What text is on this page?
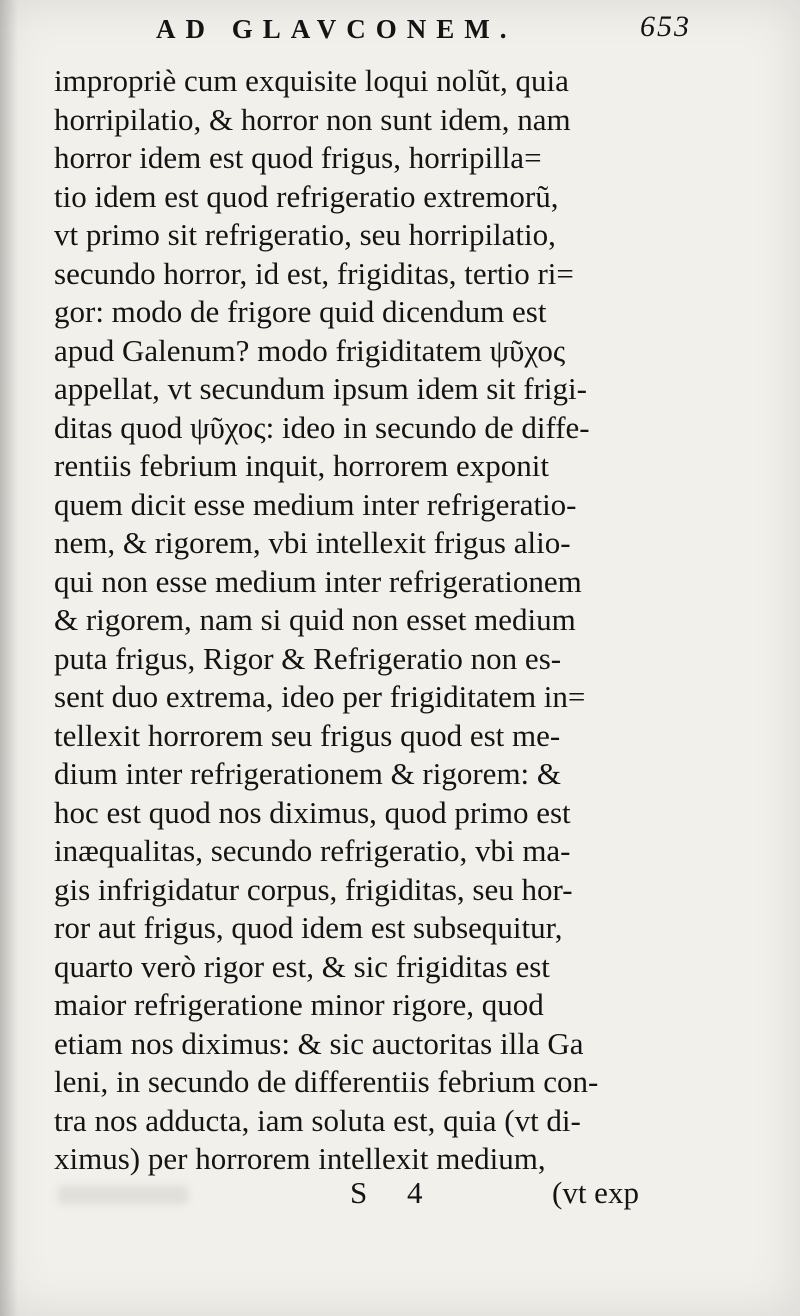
AD GLAVCONEM.	653
impropriè cum exquisite loqui nolũt, quia
horripilatio, & horror non sunt idem, nam
horror idem est quod frigus, horripilla=
tio idem est quod refrigeratio extremorũ,
vt primo sit refrigeratio, seu horripilatio,
secundo horror, id est, frigiditas, tertio ri=
gor: modo de frigore quid dicendum est
apud Galenum? modo frigiditatem ψῦχος
appellat, vt secundum ipsum idem sit frigi-
ditas quod ψῦχος: ideo in secundo de diffe-
rentiis febrium inquit, horrorem exponit
quem dicit esse medium inter refrigeratio-
nem, & rigorem, vbi intellexit frigus alio-
qui non esse medium inter refrigerationem
& rigorem, nam si quid non esset medium
puta frigus, Rigor & Refrigeratio non es-
sent duo extrema, ideo per frigiditatem in=
tellexit horrorem seu frigus quod est me-
dium inter refrigerationem & rigorem: &
hoc est quod nos diximus, quod primo est
inæqualitas, secundo refrigeratio, vbi ma-
gis infrigidatur corpus, frigiditas, seu hor-
ror aut frigus, quod idem est subsequitur,
quarto verò rigor est, & sic frigiditas est
maior refrigeratione minor rigore, quod
etiam nos diximus: & sic auctoritas illa Ga
leni, in secundo de differentiis febrium con-
tra nos adducta, iam soluta est, quia (vt di-
ximus) per horrorem intellexit medium,
S 4	(vt exp
